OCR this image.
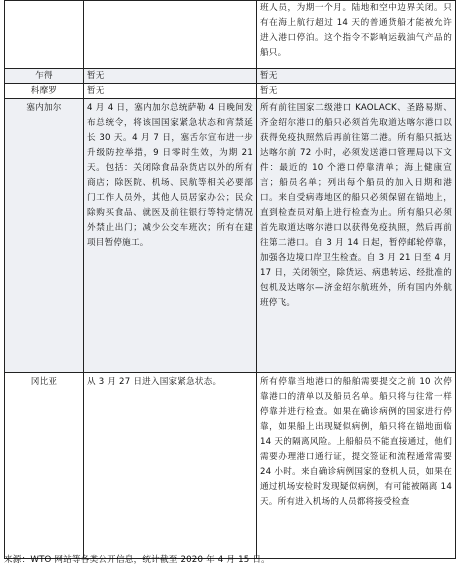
		班人员，为期一个月。陆地和空中边界关闭。只有在海上航行超过 14 天的普通货船才能被允许进入港口停泊。这个指令不影响运载油气产品的船只。
乍得	暂无	暂无
科摩罗	暂无	暂无
塞内加尔	4 月 4 日，塞内加尔总统萨勒 4 日晚间发布总统令，将该国国家紧急状态和宵禁延长 30 天。4 月 7 日，塞舌尔宣布进一步升级防控举措，9 日零时生效，为期 21 天。包括：关闭除食品杂货店以外的所有商店；除医院、机场、民航等相关必要部门工作人员外，其他人员居家办公；民众除购买食品、就医及前往银行等特定情况外禁止出门；减少公交车班次；所有在建项目暂停施工。	所有前往国家二级港口 KAOLACK、圣路易斯、齐金绍尔港口的船只必须首先取道达喀尔港口以获得免疫执照然后再前往第二港。所有船只抵达达喀尔前 72 小时，必须发送港口管理局以下文件：最近的 10 个港口停靠清单；海上健康宣言；船员名单；列出每个船员的加入日期和港口。来自受病毒地区的船只必须保留在锚地上，直到检查员对船上进行检查为止。所有船只必须首先取道达喀尔港口以获得免疫执照，然后再前往第二港口。自 3 月 14 日起，暂停邮轮停靠，加强各边境口岸卫生检查。自 3 月 21 日至 4 月 17 日，关闭领空，除货运、病患转运、经批准的包机及达喀尔—济金绍尔航班外，所有国内外航班停飞。
冈比亚	从 3 月 27 日进入国家紧急状态。	所有停靠当地港口的船舶需要提交之前 10 次停靠港口的清单以及船员名单。船只将与往常一样停靠并进行检查。如果在确诊病例的国家进行停靠，如果船上出现疑似病例，船只将在锚地面临 14 天的隔离风险。上船船员不能直接通过，他们需要办理港口通行证，提交签证和流程通常需要 24 小时。来自确诊病例国家的登机人员，如果在通过机场安检时发现疑似病例，有可能被隔离 14 天。所有进入机场的人员都将接受检查
来源：WTO 网站等各类公开信息，统计截至 2020 年 4 月 15 日。
